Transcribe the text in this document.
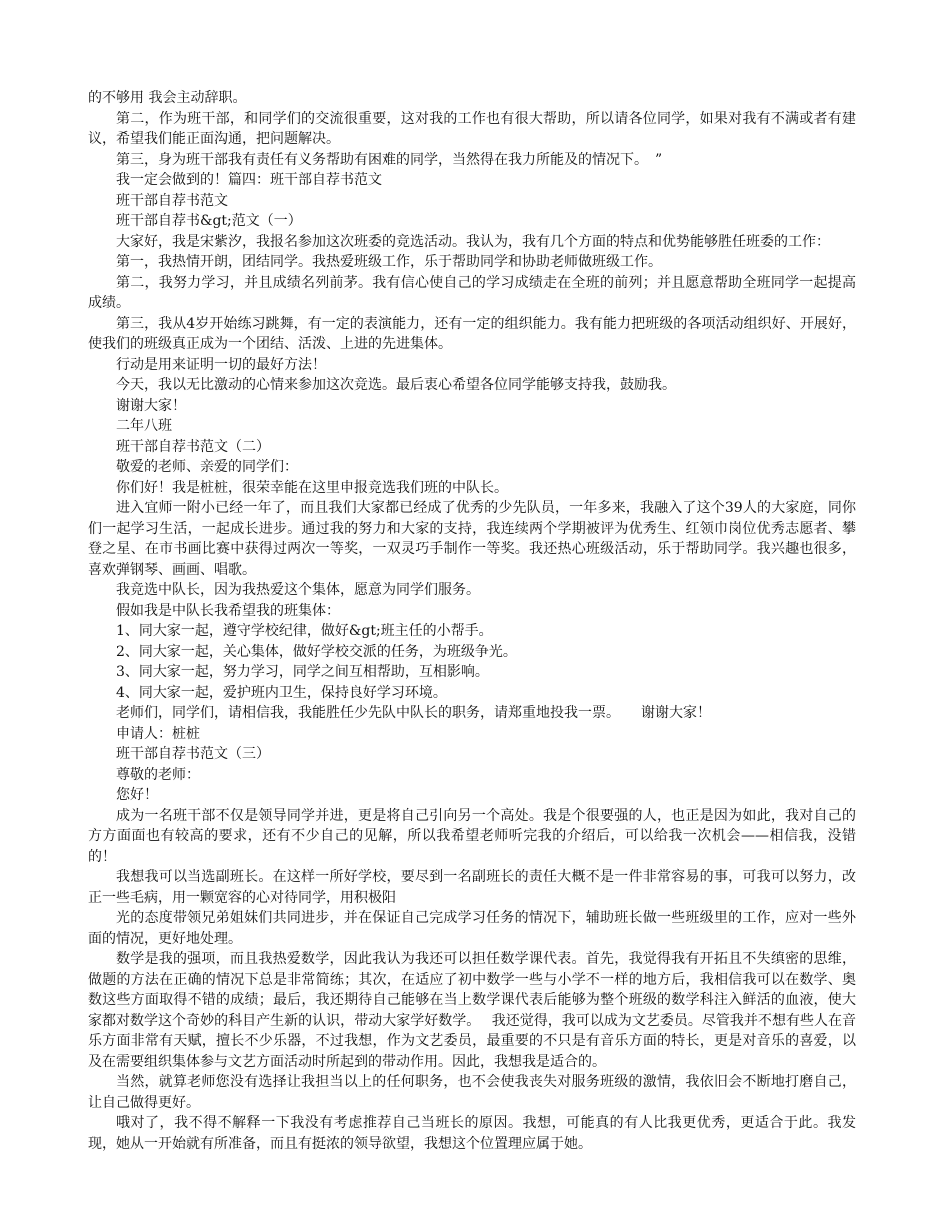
的不够用 我会主动辞职。

第二，作为班干部，和同学们的交流很重要，这对我的工作也有很大帮助，所以请各位同学，如果对我有不满或者有建议，希望我们能正面沟通，把问题解决。

第三，身为班干部我有责任有义务帮助有困难的同学，当然得在我力所能及的情况下。　”

我一定会做到的！篇四：班干部自荐书范文

班干部自荐书范文

班干部自荐书&gt;范文（一）

大家好，我是宋紫汐，我报名参加这次班委的竞选活动。我认为，我有几个方面的特点和优势能够胜任班委的工作：

第一，我热情开朗，团结同学。我热爱班级工作，乐于帮助同学和协助老师做班级工作。

第二，我努力学习，并且成绩名列前茅。我有信心使自己的学习成绩走在全班的前列；并且愿意帮助全班同学一起提高成绩。

第三，我从4岁开始练习跳舞，有一定的表演能力，还有一定的组织能力。我有能力把班级的各项活动组织好、开展好，使我们的班级真正成为一个团结、活泼、上进的先进集体。

行动是用来证明一切的最好方法！

今天，我以无比激动的心情来参加这次竞选。最后衷心希望各位同学能够支持我，鼓励我。

谢谢大家！

二年八班

班干部自荐书范文（二）

敬爱的老师、亲爱的同学们：

你们好！我是桩桩，很荣幸能在这里申报竞选我们班的中队长。

进入宜师一附小已经一年了，而且我们大家都已经成了优秀的少先队员，一年多来，我融入了这个39人的大家庭，同你们一起学习生活，一起成长进步。通过我的努力和大家的支持，我连续两个学期被评为优秀生、红领巾岗位优秀志愿者、攀登之星、在市书画比赛中获得过两次一等奖，一双灵巧手制作一等奖。我还热心班级活动，乐于帮助同学。我兴趣也很多，喜欢弹钢琴、画画、唱歌。

我竞选中队长，因为我热爱这个集体，愿意为同学们服务。

假如我是中队长我希望我的班集体：

1、同大家一起，遵守学校纪律，做好&gt;班主任的小帮手。

2、同大家一起，关心集体，做好学校交派的任务，为班级争光。

3、同大家一起，努力学习，同学之间互相帮助，互相影响。

4、同大家一起，爱护班内卫生，保持良好学习环境。

老师们，同学们，请相信我，我能胜任少先队中队长的职务，请郑重地投我一票。　　谢谢大家！

申请人：桩桩

班干部自荐书范文（三）

尊敬的老师：

您好！

成为一名班干部不仅是领导同学并进，更是将自己引向另一个高处。我是个很要强的人，也正是因为如此，我对自己的方方面面也有较高的要求，还有不少自己的见解，所以我希望老师听完我的介绍后，可以给我一次机会——相信我，没错的！

我想我可以当选副班长。在这样一所好学校，要尽到一名副班长的责任大概不是一件非常容易的事，可我可以努力，改正一些毛病，用一颗宽容的心对待同学，用积极阳

光的态度带领兄弟姐妹们共同进步，并在保证自己完成学习任务的情况下，辅助班长做一些班级里的工作，应对一些外面的情况，更好地处理。

数学是我的强项，而且我热爱数学，因此我认为我还可以担任数学课代表。首先，我觉得我有开拓且不失缜密的思维，做题的方法在正确的情况下总是非常简练；其次，在适应了初中数学一些与小学不一样的地方后，我相信我可以在数学、奥数这些方面取得不错的成绩；最后，我还期待自己能够在当上数学课代表后能够为整个班级的数学科注入鲜活的血液，使大家都对数学这个奇妙的科目产生新的认识，带动大家学好数学。　 我还觉得，我可以成为文艺委员。尽管我并不想有些人在音乐方面非常有天赋，擅长不少乐器，不过我想，作为文艺委员，最重要的不只是有音乐方面的特长，更是对音乐的喜爱，以及在需要组织集体参与文艺方面活动时所起到的带动作用。因此，我想我是适合的。

当然，就算老师您没有选择让我担当以上的任何职务，也不会使我丧失对服务班级的激情，我依旧会不断地打磨自己，让自己做得更好。

哦对了，我不得不解释一下我没有考虑推荐自己当班长的原因。我想，可能真的有人比我更优秀，更适合于此。我发现，她从一开始就有所准备，而且有挺浓的领导欲望，我想这个位置理应属于她。
